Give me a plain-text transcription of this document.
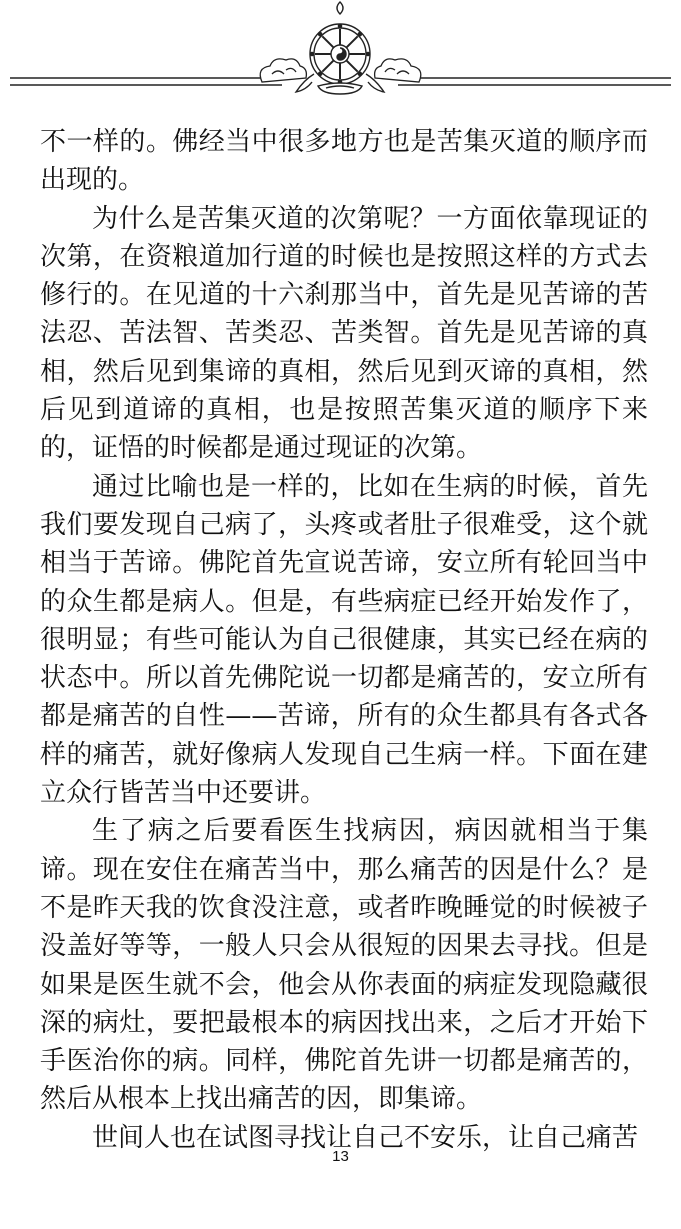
不一样的。佛经当中很多地方也是苦集灭道的顺序而出现的。

为什么是苦集灭道的次第呢？一方面依靠现证的次第，在资粮道加行道的时候也是按照这样的方式去修行的。在见道的十六刹那当中，首先是见苦谛的苦法忍、苦法智、苦类忍、苦类智。首先是见苦谛的真相，然后见到集谛的真相，然后见到灭谛的真相，然后见到道谛的真相，也是按照苦集灭道的顺序下来的，证悟的时候都是通过现证的次第。

通过比喻也是一样的，比如在生病的时候，首先我们要发现自己病了，头疼或者肚子很难受，这个就相当于苦谛。佛陀首先宣说苦谛，安立所有轮回当中的众生都是病人。但是，有些病症已经开始发作了，很明显；有些可能认为自己很健康，其实已经在病的状态中。所以首先佛陀说一切都是痛苦的，安立所有都是痛苦的自性——苦谛，所有的众生都具有各式各样的痛苦，就好像病人发现自己生病一样。下面在建立众行皆苦当中还要讲。

生了病之后要看医生找病因，病因就相当于集谛。现在安住在痛苦当中，那么痛苦的因是什么？是不是昨天我的饮食没注意，或者昨晚睡觉的时候被子没盖好等等，一般人只会从很短的因果去寻找。但是如果是医生就不会，他会从你表面的病症发现隐藏很深的病灶，要把最根本的病因找出来，之后才开始下手医治你的病。同样，佛陀首先讲一切都是痛苦的，然后从根本上找出痛苦的因，即集谛。

世间人也在试图寻找让自己不安乐，让自己痛苦

13
